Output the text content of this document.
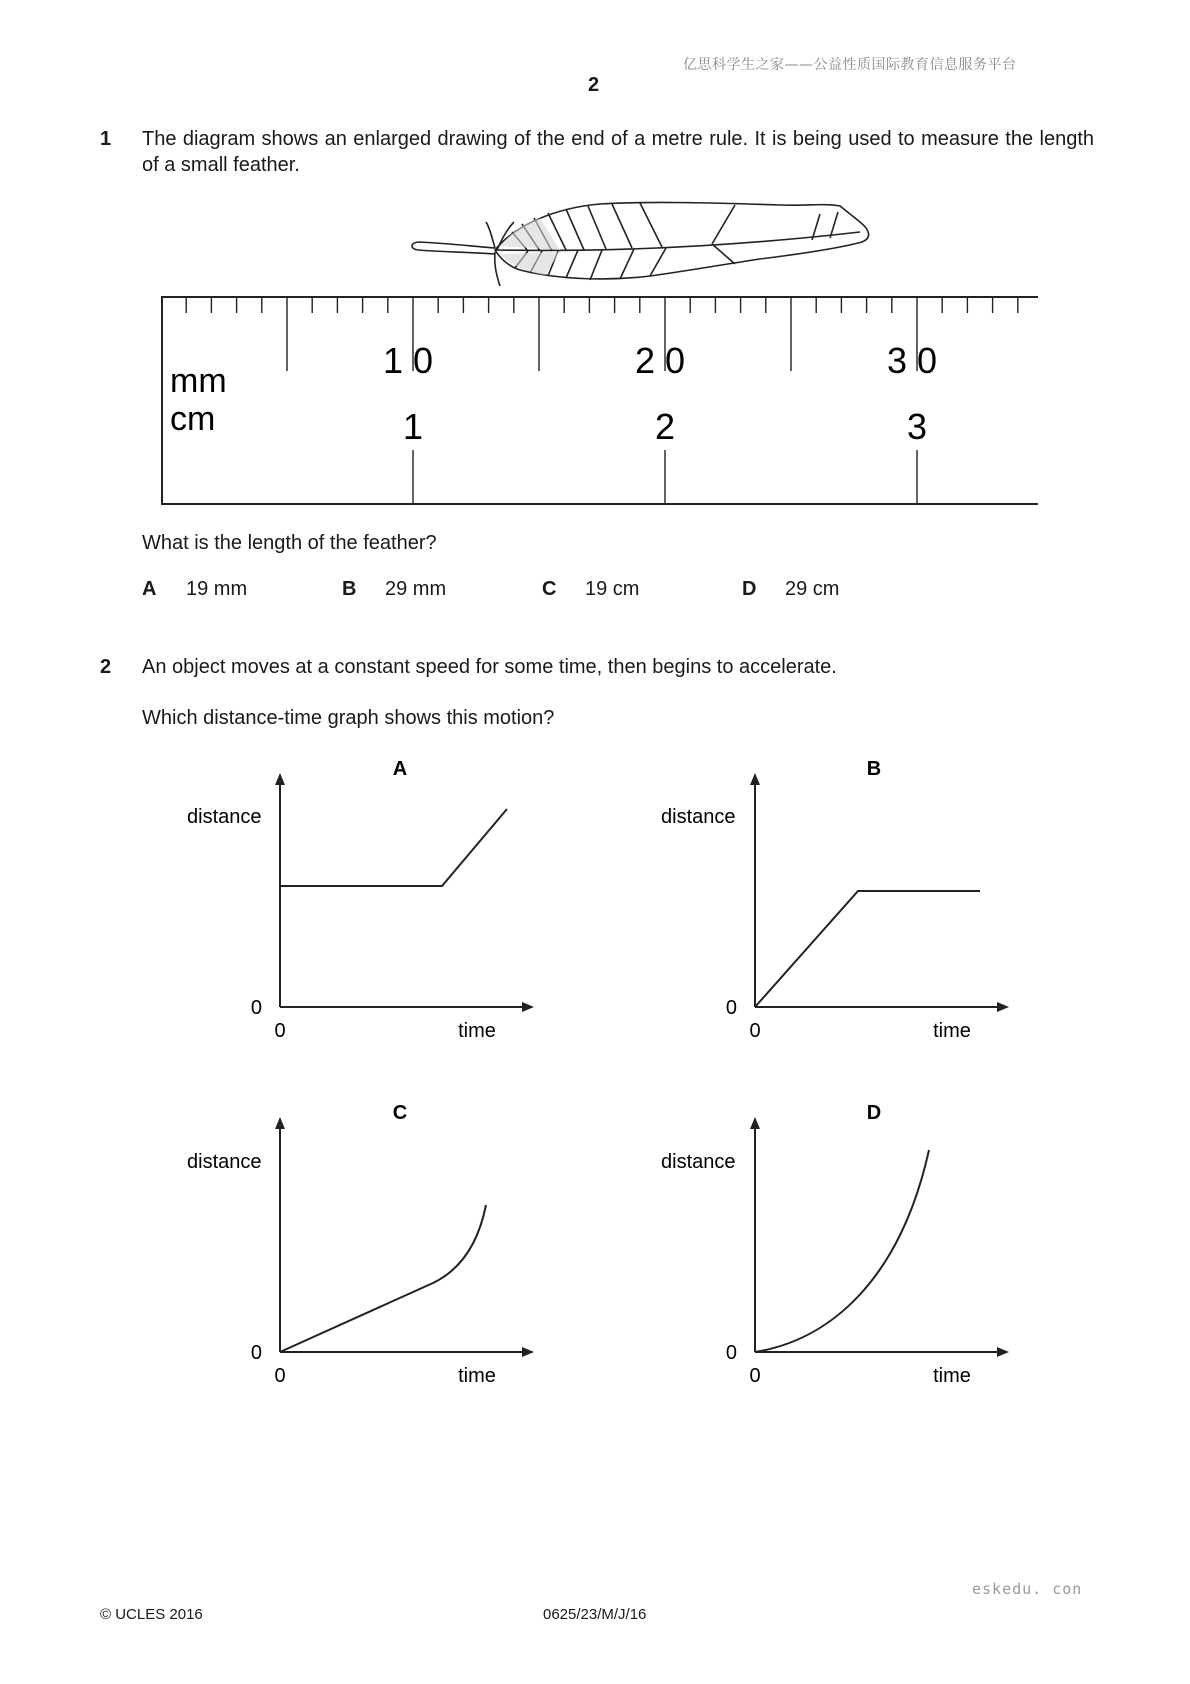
亿思科学生之家——公益性质国际教育信息服务平台
2
1 The diagram shows an enlarged drawing of the end of a metre rule. It is being used to measure the length of a small feather.
mm
cm
10	20	30
1	2	3
What is the length of the feather?
A 19 mm	B 29 mm	C 19 cm	D 29 cm
2 An object moves at a constant speed for some time, then begins to accelerate.
Which distance-time graph shows this motion?
A
distance
0
0	time
B
distance
0
0	time
C
distance
0
0	time
D
distance
0
0	time
eskedu. con
© UCLES 2016	0625/23/M/J/16
